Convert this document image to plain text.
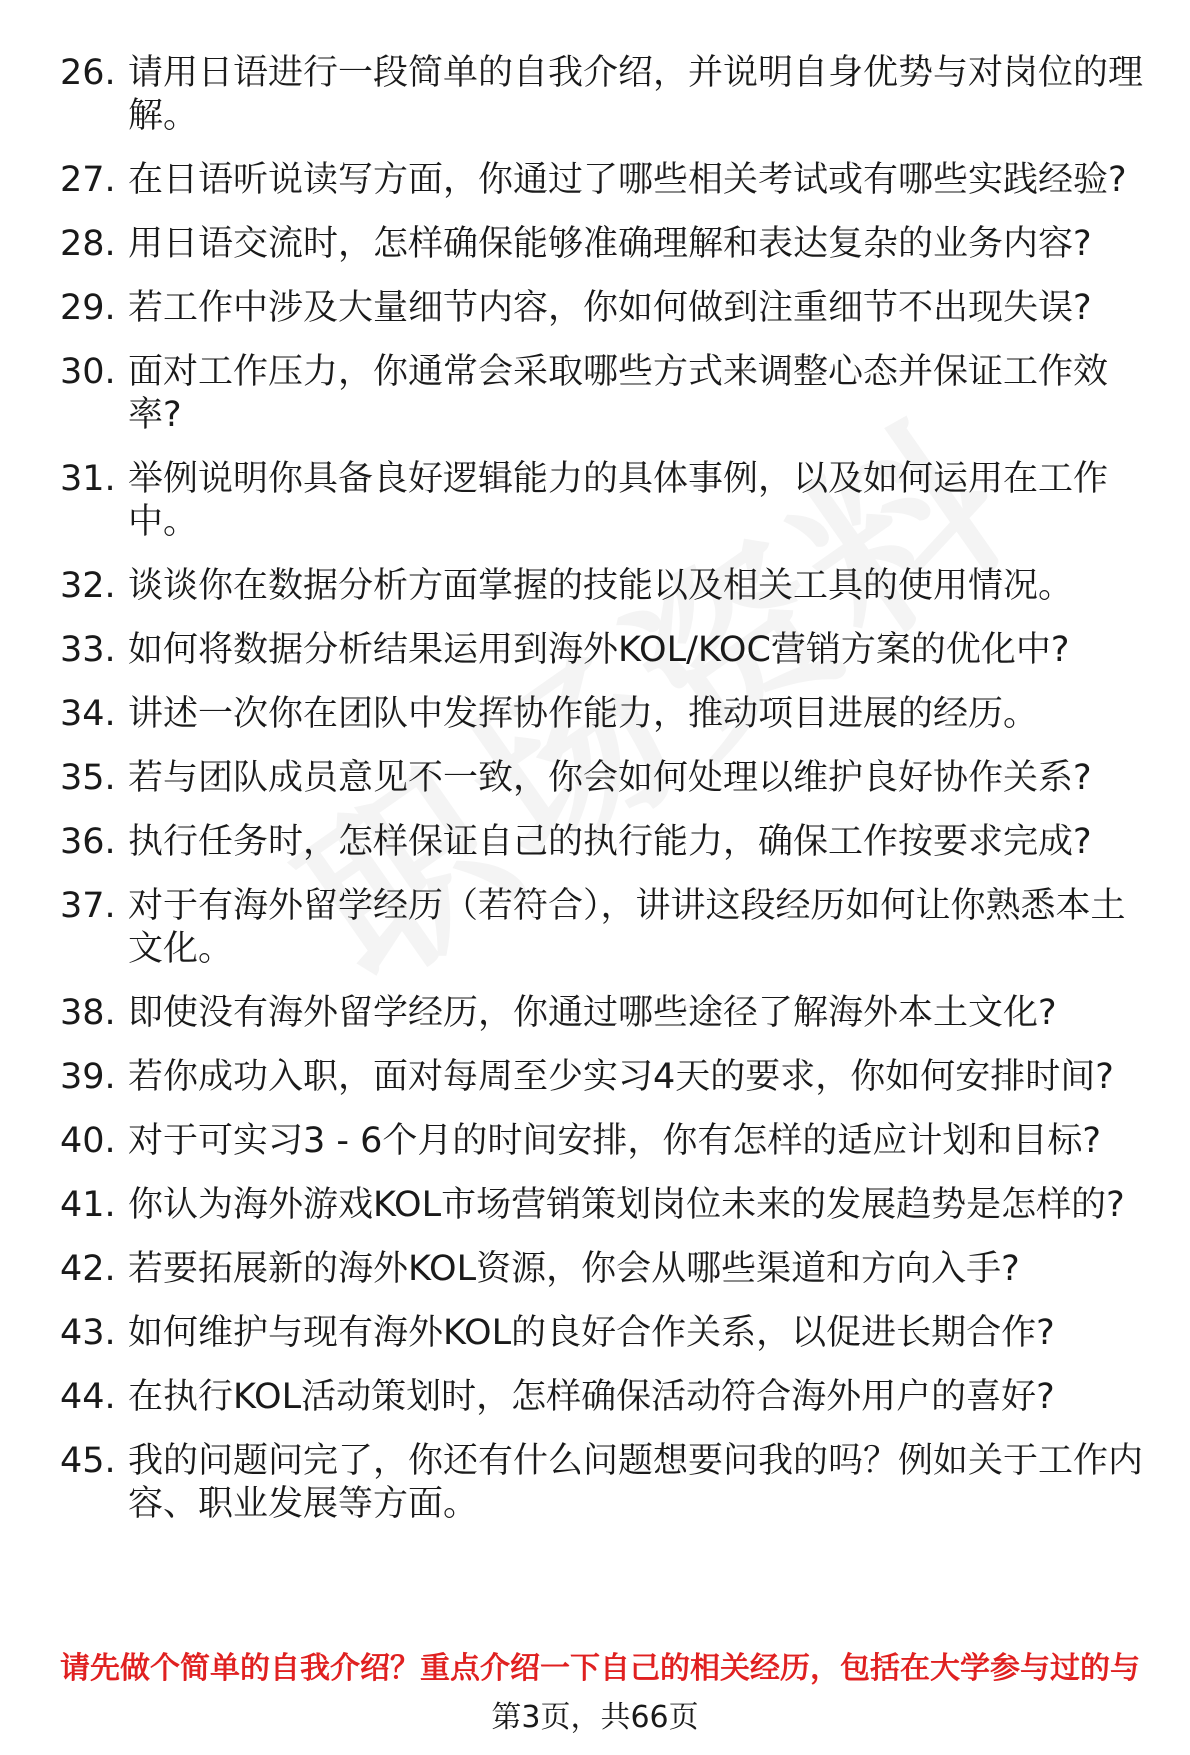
26. 请用日语进行一段简单的自我介绍，并说明自身优势与对岗位的理解。
27. 在日语听说读写方面，你通过了哪些相关考试或有哪些实践经验?
28. 用日语交流时，怎样确保能够准确理解和表达复杂的业务内容?
29. 若工作中涉及大量细节内容，你如何做到注重细节不出现失误?
30. 面对工作压力，你通常会采取哪些方式来调整心态并保证工作效率?
31. 举例说明你具备良好逻辑能力的具体事例，以及如何运用在工作中。
32. 谈谈你在数据分析方面掌握的技能以及相关工具的使用情况。
33. 如何将数据分析结果运用到海外KOL/KOC营销方案的优化中?
34. 讲述一次你在团队中发挥协作能力，推动项目进展的经历。
35. 若与团队成员意见不一致，你会如何处理以维护良好协作关系?
36. 执行任务时，怎样保证自己的执行能力，确保工作按要求完成?
37. 对于有海外留学经历（若符合），讲讲这段经历如何让你熟悉本土文化。
38. 即使没有海外留学经历，你通过哪些途径了解海外本土文化?
39. 若你成功入职，面对每周至少实习4天的要求，你如何安排时间?
40. 对于可实习3 - 6个月的时间安排，你有怎样的适应计划和目标?
41. 你认为海外游戏KOL市场营销策划岗位未来的发展趋势是怎样的?
42. 若要拓展新的海外KOL资源，你会从哪些渠道和方向入手?
43. 如何维护与现有海外KOL的良好合作关系，以促进长期合作?
44. 在执行KOL活动策划时，怎样确保活动符合海外用户的喜好?
45. 我的问题问完了，你还有什么问题想要问我的吗？例如关于工作内容、职业发展等方面。
请先做个简单的自我介绍？重点介绍一下自己的相关经历，包括在大学参与过的与
第3页，共66页
